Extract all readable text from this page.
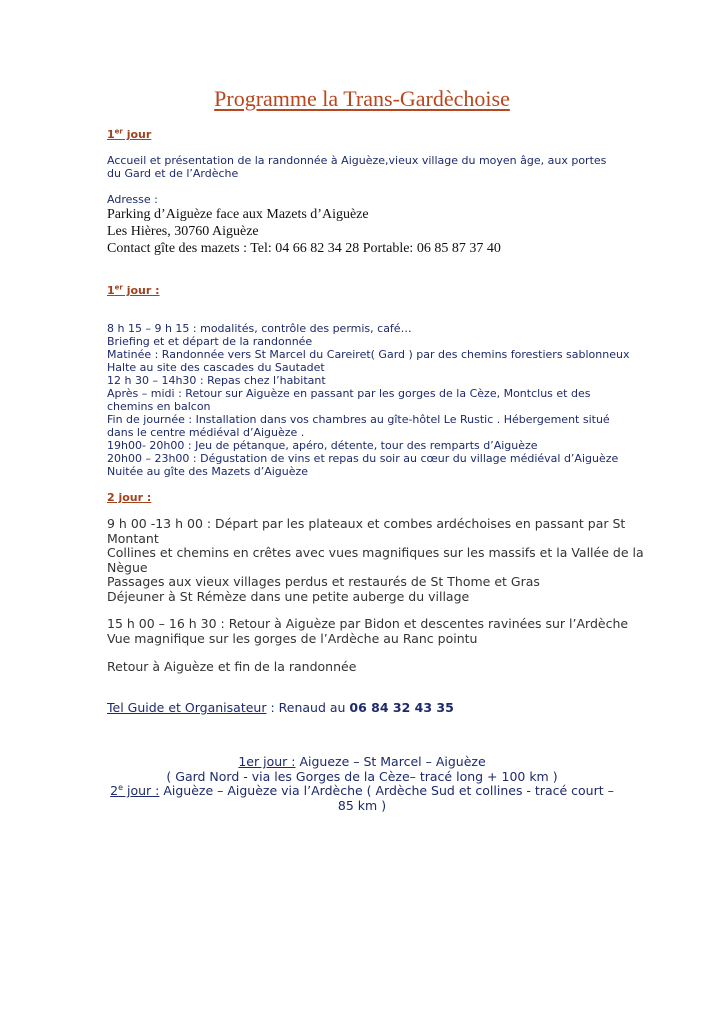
Programme la Trans-Gardèchoise
1er jour

Accueil et présentation de la randonnée à Aiguèze,vieux village du moyen âge, aux portes du Gard et de l’Ardèche

Adresse :

Parking d’Aiguèze face aux Mazets d’Aiguèze
Les Hières, 30760 Aiguèze
Contact gîte des mazets : Tel: 04 66 82 34 28 Portable: 06 85 87 37 40
1er jour :
8 h 15 – 9 h 15 : modalités, contrôle des permis, café…
Briefing et et départ de la randonnée
Matinée : Randonnée vers St Marcel du Careiret( Gard ) par des chemins forestiers sablonneux
Halte au site des cascades du Sautadet
12 h 30 – 14h30 : Repas chez l’habitant
Après – midi : Retour sur Aiguèze en passant par les gorges de la Cèze, Montclus et des
chemins en balcon
Fin de journée : Installation dans vos chambres au gîte-hôtel Le Rustic . Hébergement situé
dans le centre médiéval d’Aiguèze .
19h00- 20h00 : Jeu de pétanque, apéro, détente, tour des remparts d’Aiguèze
20h00 – 23h00 : Dégustation de vins et repas du soir au cœur du village médiéval d’Aiguèze
Nuitée au gîte des Mazets d’Aiguèze
2 jour :
9 h 00 -13 h 00 : Départ par les plateaux et combes ardéchoises en passant par St
Montant
Collines et chemins en crêtes avec vues magnifiques sur les massifs et la Vallée de la
Nègue
Passages aux vieux villages perdus et restaurés de St Thome et Gras
Déjeuner à St Rémèze dans une petite auberge du village
15 h 00 – 16 h 30 : Retour à Aiguèze par Bidon et descentes ravinées sur l’Ardèche
Vue magnifique sur les gorges de l’Ardèche au Ranc pointu
Retour à Aiguèze et fin de la randonnée
Tel Guide et Organisateur : Renaud au 06 84 32 43 35
1er jour : Aigueze – St Marcel – Aiguèze
( Gard Nord - via les Gorges de la Cèze– tracé long + 100 km )
2e jour : Aiguèze – Aiguèze via l’Ardèche ( Ardèche Sud et collines - tracé court –
85 km )
